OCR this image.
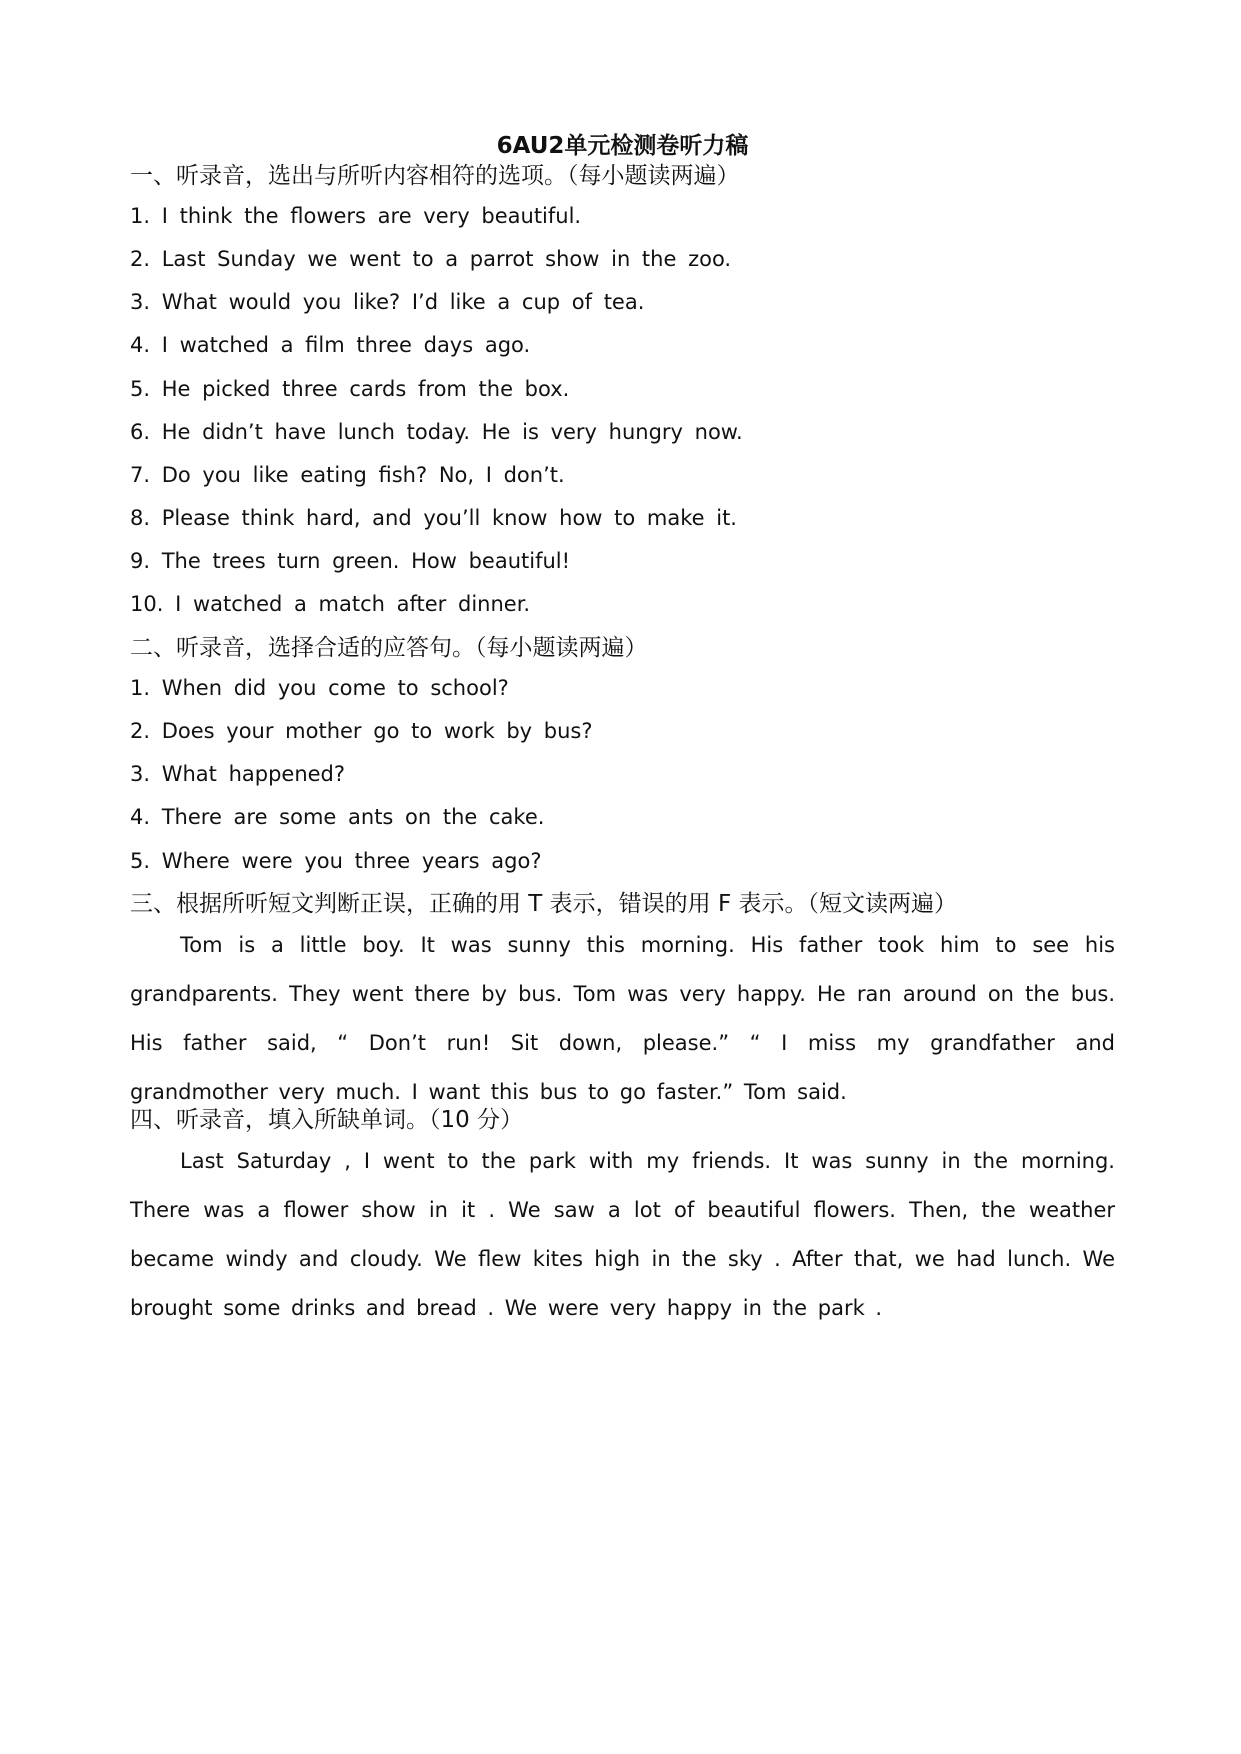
6AU2单元检测卷听力稿

一、听录音，选出与所听内容相符的选项。（每小题读两遍）

1. I think the flowers are very beautiful.

2. Last Sunday we went to a parrot show in the zoo.

3. What would you like? I’d like a cup of tea.

4. I watched a film three days ago.

5. He picked three cards from the box.

6. He didn’t have lunch today. He is very hungry now.

7. Do you like eating fish? No, I don’t.

8. Please think hard, and you’ll know how to make it.

9. The trees turn green. How beautiful!

10. I watched a match after dinner.

二、听录音，选择合适的应答句。（每小题读两遍）

1. When did you come to school?

2. Does your mother go to work by bus?

3. What happened?

4. There are some ants on the cake.

5. Where were you three years ago?

三、根据所听短文判断正误，正确的用 T 表示，错误的用 F 表示。（短文读两遍）

Tom is a little boy. It was sunny this morning. His father took him to see his grandparents. They went there by bus. Tom was very happy. He ran around on the bus. His father said, “ Don’t run! Sit down, please.” “ I miss my grandfather and grandmother very much. I want this bus to go faster.” Tom said.

四、听录音，填入所缺单词。（10 分）

Last Saturday , I went to the park with my friends. It was sunny in the morning. There was a flower show in it . We saw a lot of beautiful flowers. Then, the weather became windy and cloudy. We flew kites high in the sky . After that, we had lunch. We brought some drinks and bread . We were very happy in the park .
